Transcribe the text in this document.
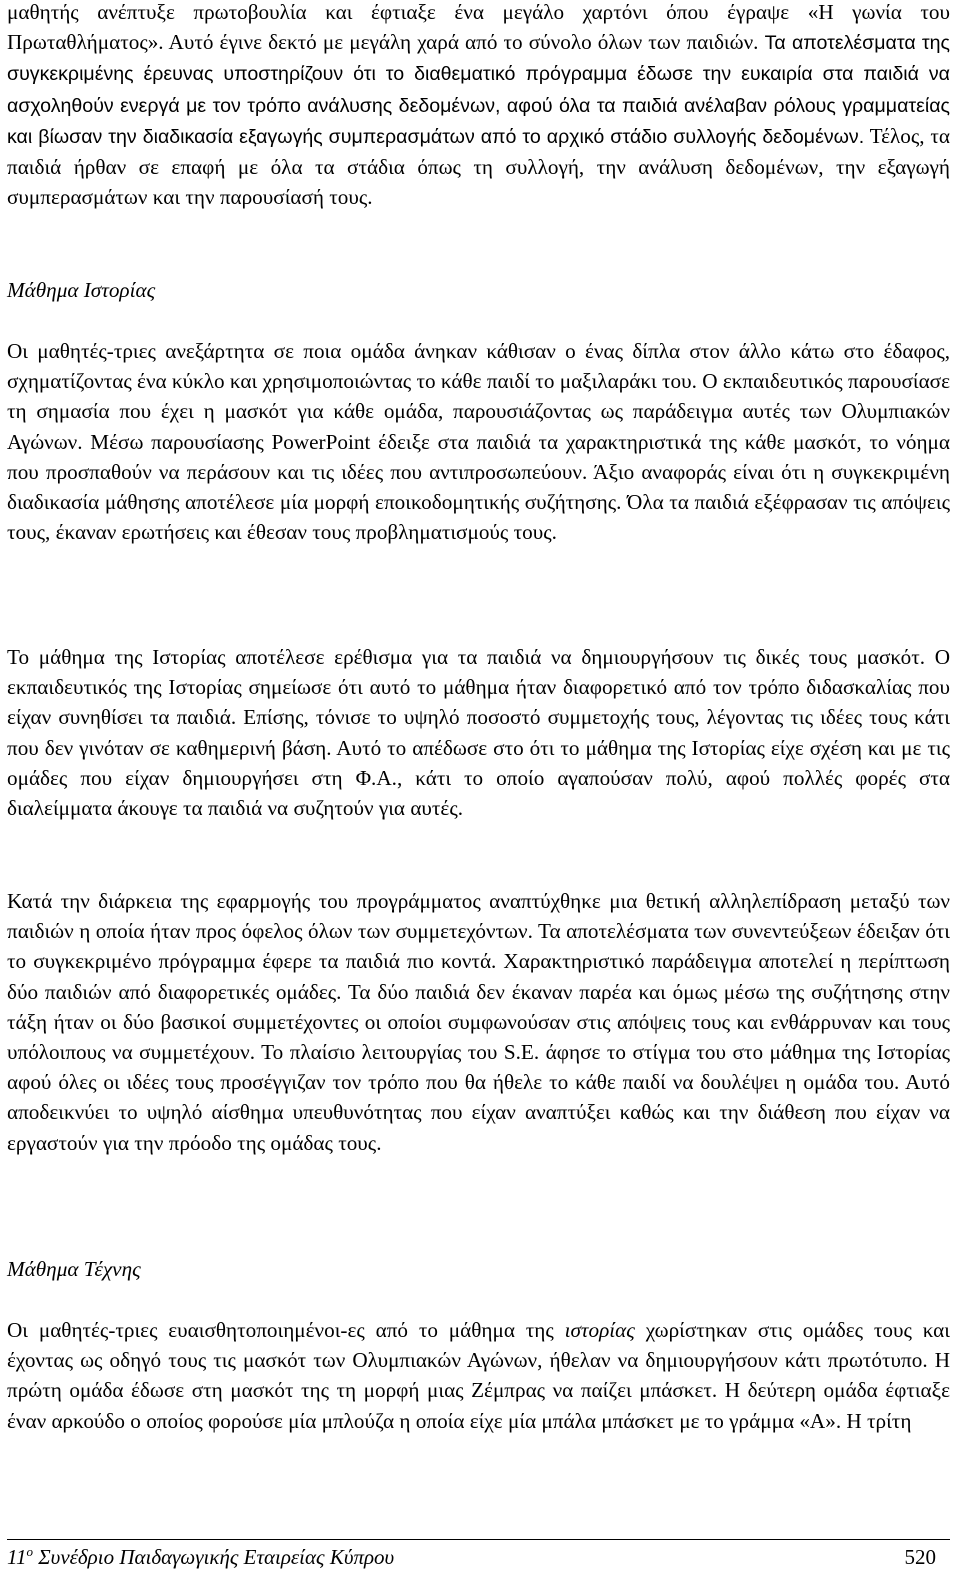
μαθητής ανέπτυξε πρωτοβουλία και έφτιαξε ένα μεγάλο χαρτόνι όπου έγραψε «Η γωνία του Πρωταθλήματος». Αυτό έγινε δεκτό με μεγάλη χαρά από το σύνολο όλων των παιδιών. Τα αποτελέσματα της συγκεκριμένης έρευνας υποστηρίζουν ότι το διαθεματικό πρόγραμμα έδωσε την ευκαιρία στα παιδιά να ασχοληθούν ενεργά με τον τρόπο ανάλυσης δεδομένων, αφού όλα τα παιδιά ανέλαβαν ρόλους γραμματείας και βίωσαν την διαδικασία εξαγωγής συμπερασμάτων από το αρχικό στάδιο συλλογής δεδομένων. Τέλος, τα παιδιά ήρθαν σε επαφή με όλα τα στάδια όπως τη συλλογή, την ανάλυση δεδομένων, την εξαγωγή συμπερασμάτων και την παρουσίασή τους.

Μάθημα Ιστορίας

Οι μαθητές-τριες ανεξάρτητα σε ποια ομάδα άνηκαν κάθισαν ο ένας δίπλα στον άλλο κάτω στο έδαφος, σχηματίζοντας ένα κύκλο και χρησιμοποιώντας το κάθε παιδί το μαξιλαράκι του. Ο εκπαιδευτικός παρουσίασε τη σημασία που έχει η μασκότ για κάθε ομάδα, παρουσιάζοντας ως παράδειγμα αυτές των Ολυμπιακών Αγώνων. Μέσω παρουσίασης PowerPoint έδειξε στα παιδιά τα χαρακτηριστικά της κάθε μασκότ, το νόημα που προσπαθούν να περάσουν και τις ιδέες που αντιπροσωπεύουν. Άξιο αναφοράς είναι ότι η συγκεκριμένη διαδικασία μάθησης αποτέλεσε μία μορφή εποικοδομητικής συζήτησης. Όλα τα παιδιά εξέφρασαν τις απόψεις τους, έκαναν ερωτήσεις και έθεσαν τους προβληματισμούς τους.

Το μάθημα της Ιστορίας αποτέλεσε ερέθισμα για τα παιδιά να δημιουργήσουν τις δικές τους μασκότ. Ο εκπαιδευτικός της Ιστορίας σημείωσε ότι αυτό το μάθημα ήταν διαφορετικό από τον τρόπο διδασκαλίας που είχαν συνηθίσει τα παιδιά. Επίσης, τόνισε το υψηλό ποσοστό συμμετοχής τους, λέγοντας τις ιδέες τους κάτι που δεν γινόταν σε καθημερινή βάση. Αυτό το απέδωσε στο ότι το μάθημα της Ιστορίας είχε σχέση και με τις ομάδες που είχαν δημιουργήσει στη Φ.Α., κάτι το οποίο αγαπούσαν πολύ, αφού πολλές φορές στα διαλείμματα άκουγε τα παιδιά να συζητούν για αυτές.

Κατά την διάρκεια της εφαρμογής του προγράμματος αναπτύχθηκε μια θετική αλληλεπίδραση μεταξύ των παιδιών η οποία ήταν προς όφελος όλων των συμμετεχόντων. Τα αποτελέσματα των συνεντεύξεων έδειξαν ότι το συγκεκριμένο πρόγραμμα έφερε τα παιδιά πιο κοντά. Χαρακτηριστικό παράδειγμα αποτελεί η περίπτωση δύο παιδιών από διαφορετικές ομάδες. Τα δύο παιδιά δεν έκαναν παρέα και όμως μέσω της συζήτησης στην τάξη ήταν οι δύο βασικοί συμμετέχοντες οι οποίοι συμφωνούσαν στις απόψεις τους και ενθάρρυναν και τους υπόλοιπους να συμμετέχουν. Το πλαίσιο λειτουργίας του S.E. άφησε το στίγμα του στο μάθημα της Ιστορίας αφού όλες οι ιδέες τους προσέγγιζαν τον τρόπο που θα ήθελε το κάθε παιδί να δουλέψει η ομάδα του. Αυτό αποδεικνύει το υψηλό αίσθημα υπευθυνότητας που είχαν αναπτύξει καθώς και την διάθεση που είχαν να εργαστούν για την πρόοδο της ομάδας τους.

Μάθημα Τέχνης

Οι μαθητές-τριες ευαισθητοποιημένοι-ες από το μάθημα της ιστορίας χωρίστηκαν στις ομάδες τους και έχοντας ως οδηγό τους τις μασκότ των Ολυμπιακών Αγώνων, ήθελαν να δημιουργήσουν κάτι πρωτότυπο. Η πρώτη ομάδα έδωσε στη μασκότ της τη μορφή μιας Ζέμπρας να παίζει μπάσκετ. Η δεύτερη ομάδα έφτιαξε έναν αρκούδο ο οποίος φορούσε μία μπλούζα η οποία είχε μία μπάλα μπάσκετ με το γράμμα «Α». Η τρίτη

$11^o$ Συνέδριο Παιδαγωγικής Εταιρείας Κύπρου	520
